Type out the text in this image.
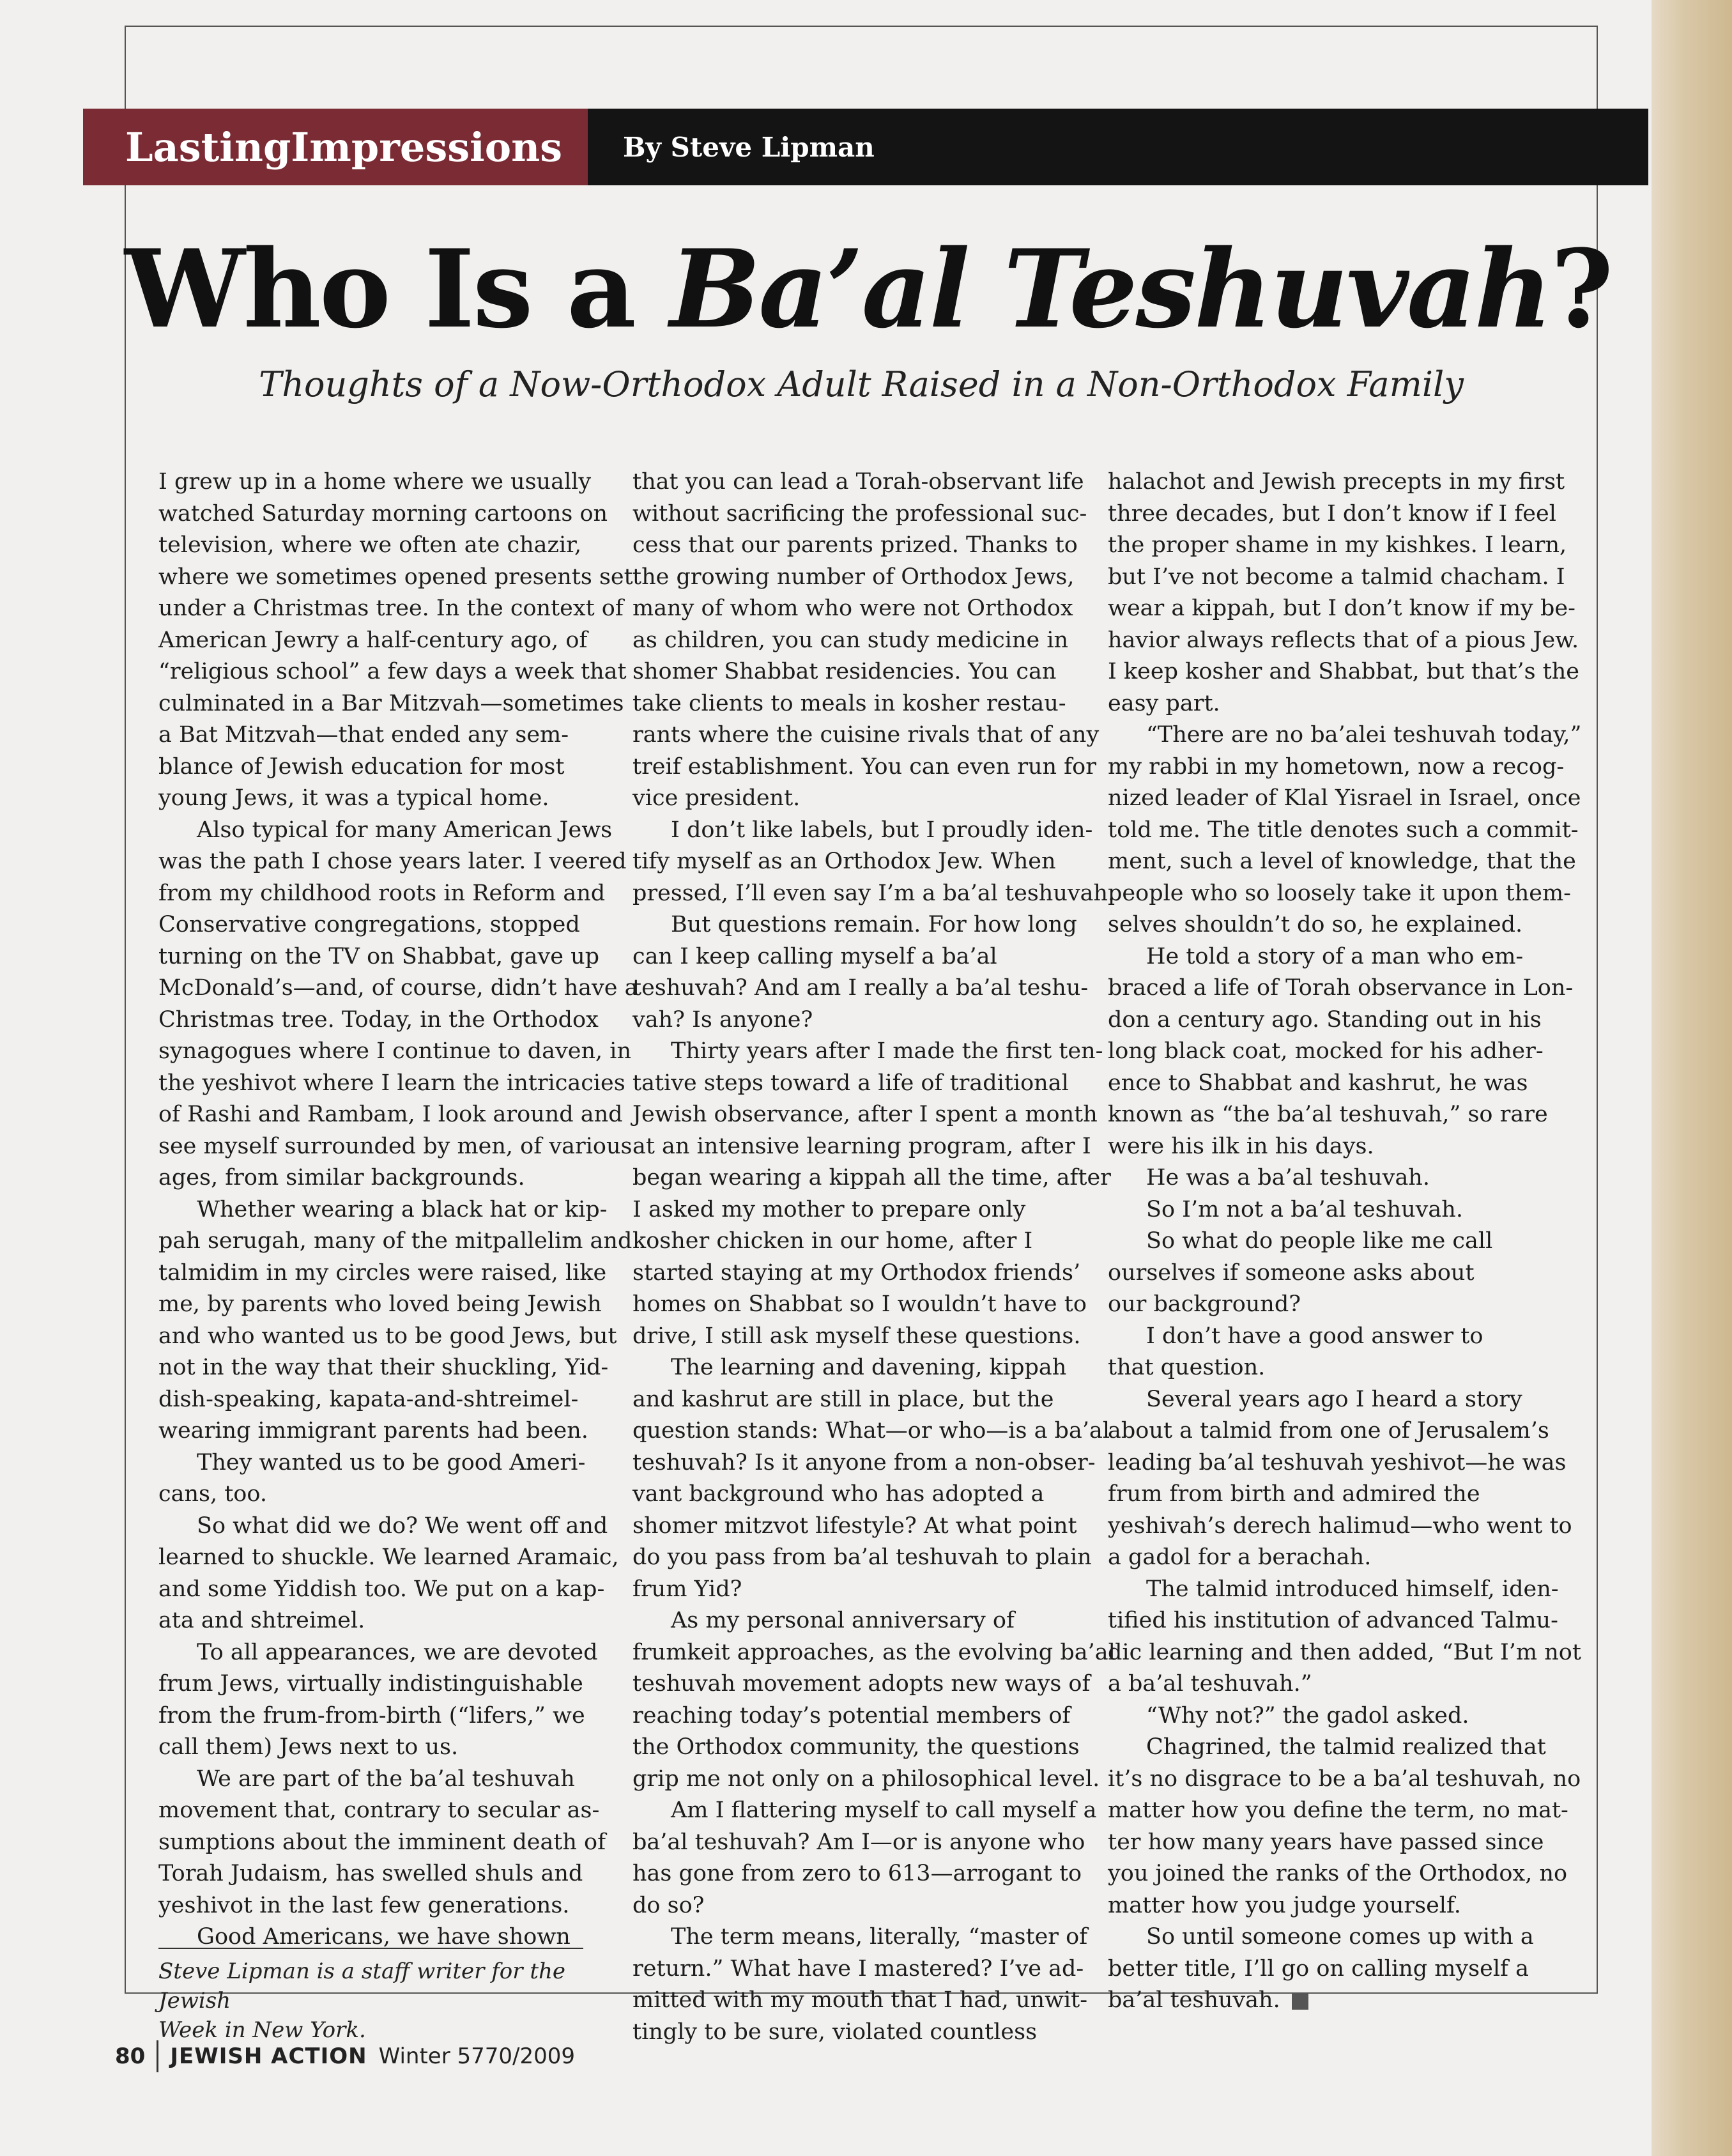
LastingImpressions	By Steve Lipman
Who Is a Ba’al Teshuvah?
Thoughts of a Now-Orthodox Adult Raised in a Non-Orthodox Family

I grew up in a home where we usually
watched Saturday morning cartoons on
television, where we often ate chazir,
where we sometimes opened presents set
under a Christmas tree. In the context of
American Jewry a half-century ago, of
“religious school” a few days a week that
culminated in a Bar Mitzvah—sometimes
a Bat Mitzvah—that ended any sem-
blance of Jewish education for most
young Jews, it was a typical home.

Also typical for many American Jews
was the path I chose years later. I veered
from my childhood roots in Reform and
Conservative congregations, stopped
turning on the TV on Shabbat, gave up
McDonald’s—and, of course, didn’t have a
Christmas tree. Today, in the Orthodox
synagogues where I continue to daven, in
the yeshivot where I learn the intricacies
of Rashi and Rambam, I look around and
see myself surrounded by men, of various
ages, from similar backgrounds.

Whether wearing a black hat or kip-
pah serugah, many of the mitpallelim and
talmidim in my circles were raised, like
me, by parents who loved being Jewish
and who wanted us to be good Jews, but
not in the way that their shuckling, Yid-
dish-speaking, kapata-and-shtreimel-
wearing immigrant parents had been.

They wanted us to be good Ameri-
cans, too.

So what did we do? We went off and
learned to shuckle. We learned Aramaic,
and some Yiddish too. We put on a kap-
ata and shtreimel.

To all appearances, we are devoted
frum Jews, virtually indistinguishable
from the frum-from-birth (“lifers,” we
call them) Jews next to us.

We are part of the ba’al teshuvah
movement that, contrary to secular as-
sumptions about the imminent death of
Torah Judaism, has swelled shuls and
yeshivot in the last few generations.

Good Americans, we have shown

that you can lead a Torah-observant life
without sacrificing the professional suc-
cess that our parents prized. Thanks to
the growing number of Orthodox Jews,
many of whom who were not Orthodox
as children, you can study medicine in
shomer Shabbat residencies. You can
take clients to meals in kosher restau-
rants where the cuisine rivals that of any
treif establishment. You can even run for
vice president.

I don’t like labels, but I proudly iden-
tify myself as an Orthodox Jew. When
pressed, I’ll even say I’m a ba’al teshuvah.

But questions remain. For how long
can I keep calling myself a ba’al
teshuvah? And am I really a ba’al teshu-
vah? Is anyone?

Thirty years after I made the first ten-
tative steps toward a life of traditional
Jewish observance, after I spent a month
at an intensive learning program, after I
began wearing a kippah all the time, after
I asked my mother to prepare only
kosher chicken in our home, after I
started staying at my Orthodox friends’
homes on Shabbat so I wouldn’t have to
drive, I still ask myself these questions.

The learning and davening, kippah
and kashrut are still in place, but the
question stands: What—or who—is a ba’al
teshuvah? Is it anyone from a non-obser-
vant background who has adopted a
shomer mitzvot lifestyle? At what point
do you pass from ba’al teshuvah to plain
frum Yid?

As my personal anniversary of
frumkeit approaches, as the evolving ba’al
teshuvah movement adopts new ways of
reaching today’s potential members of
the Orthodox community, the questions
grip me not only on a philosophical level.

Am I flattering myself to call myself a
ba’al teshuvah? Am I—or is anyone who
has gone from zero to 613—arrogant to
do so?

The term means, literally, “master of
return.” What have I mastered? I’ve ad-
mitted with my mouth that I had, unwit-
tingly to be sure, violated countless

halachot and Jewish precepts in my first
three decades, but I don’t know if I feel
the proper shame in my kishkes. I learn,
but I’ve not become a talmid chacham. I
wear a kippah, but I don’t know if my be-
havior always reflects that of a pious Jew.
I keep kosher and Shabbat, but that’s the
easy part.

“There are no ba’alei teshuvah today,”
my rabbi in my hometown, now a recog-
nized leader of Klal Yisrael in Israel, once
told me. The title denotes such a commit-
ment, such a level of knowledge, that the
people who so loosely take it upon them-
selves shouldn’t do so, he explained.

He told a story of a man who em-
braced a life of Torah observance in Lon-
don a century ago. Standing out in his
long black coat, mocked for his adher-
ence to Shabbat and kashrut, he was
known as “the ba’al teshuvah,” so rare
were his ilk in his days.

He was a ba’al teshuvah.

So I’m not a ba’al teshuvah.

So what do people like me call
ourselves if someone asks about
our background?

I don’t have a good answer to
that question.

Several years ago I heard a story
about a talmid from one of Jerusalem’s
leading ba’al teshuvah yeshivot—he was
frum from birth and admired the
yeshivah’s derech halimud—who went to
a gadol for a berachah.

The talmid introduced himself, iden-
tified his institution of advanced Talmu-
dic learning and then added, “But I’m not
a ba’al teshuvah.”

“Why not?” the gadol asked.

Chagrined, the talmid realized that
it’s no disgrace to be a ba’al teshuvah, no
matter how you define the term, no mat-
ter how many years have passed since
you joined the ranks of the Orthodox, no
matter how you judge yourself.

So until someone comes up with a
better title, I’ll go on calling myself a
ba’al teshuvah.

Steve Lipman is a staff writer for the Jewish
Week in New York.
80 JEWISH ACTION Winter 5770/2009
